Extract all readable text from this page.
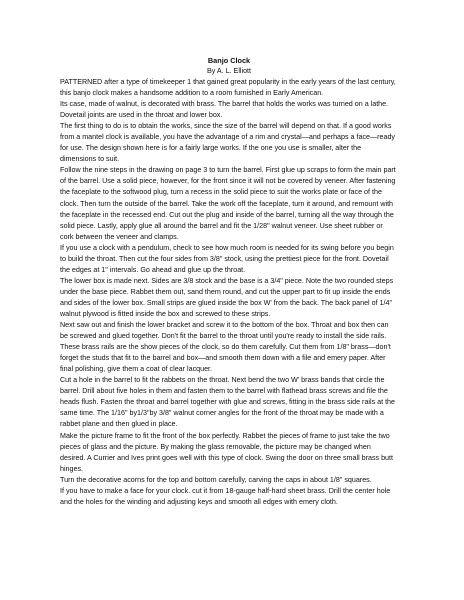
Banjo Clock

By A. L. Elliott

PATTERNED after a type of timekeeper 1 that gained great popularity in the early years of the last century, this banjo clock makes a handsome addition to a room furnished in Early American.

Its case, made of walnut, is decorated with brass. The barrel that holds the works was turned on a lathe. Dovetail joints are used in the throat and lower box.

The first thing to do is to obtain the works, since the size of the barrel will depend on that. If a good works from a mantel clock is available, you have the advantage of a rim and crystal—and perhaps a face—ready for use. The design shown here is for a fairly large works. If the one you use is smaller, alter the dimensions to suit.

Follow the nine steps in the drawing on page 3 to turn the barrel. First glue up scraps to form the main part of the barrel. Use a solid piece, however, for the front since it will not be covered by veneer. After fastening the faceplate to the softwood plug, turn a recess in the solid piece to suit the works plate or face of the clock. Then turn the outside of the barrel. Take the work off the faceplate, turn it around, and remount with the faceplate in the recessed end. Cut out the plug and inside of the barrel, turning all the way through the solid piece. Lastly, apply glue all around the barrel and fit the 1/28" walnut veneer. Use sheet rubber or cork between the veneer and clamps.

If you use a clock with a pendulum, check to see how much room is needed for its swing before you begin to build the throat. Then cut the four sides from 3/8" stock, using the prettiest piece for the front. Dovetail the edges at 1" intervals. Go ahead and glue up the throat.

The lower box is made next. Sides are 3/8 stock and the base is a 3/4" piece. Note the two rounded steps under the base piece. Rabbet them out, sand them round, and cut the upper part to fit up inside the ends and sides of the lower box. Small strips are glued inside the box W' from the back. The back panel of 1/4" walnut plywood is fitted inside the box and screwed to these strips.

Next saw out and finish the lower bracket and screw it to the bottom of the box. Throat and box then can be screwed and glued together. Don't fit the barrel to the throat until you're ready to install the side rails. These brass rails are the show pieces of the clock, so do them carefully. Cut them from 1/8" brass—don't forget the studs that fit to the barrel and box—and smooth them down with a file and emery paper. After final polishing, give them a coat of clear lacquer.

Cut a hole in the barrel to fit the rabbets on the throat. Next bend the two W' brass bands that circle the barrel. Drill about five holes in them and fasten them to the barrel with flathead brass screws and file the heads flush. Fasten the throat and barrel together with glue and screws, fitting in the brass side rails at the same time. The 1/16" by1/3"by 3/8" walnut corner angles for the front of the throat may be made with a rabbet plane and then glued in place.

Make the picture frame to fit the front of the box perfectly. Rabbet the pieces of frame to just take the two pieces of glass and the picture. By making the glass removable, the picture may be changed when desired. A Currier and Ives print goes well with this type of clock. Swing the door on three small brass butt hinges.

Turn the decorative acorns for the top and bottom carefully, carving the caps in about 1/8" squares.

If you have to make a face for your clock. cut it from 18-gauge half-hard sheet brass. Drill the center hole and the holes for the winding and adjusting keys and smooth all edges with emery cloth.
